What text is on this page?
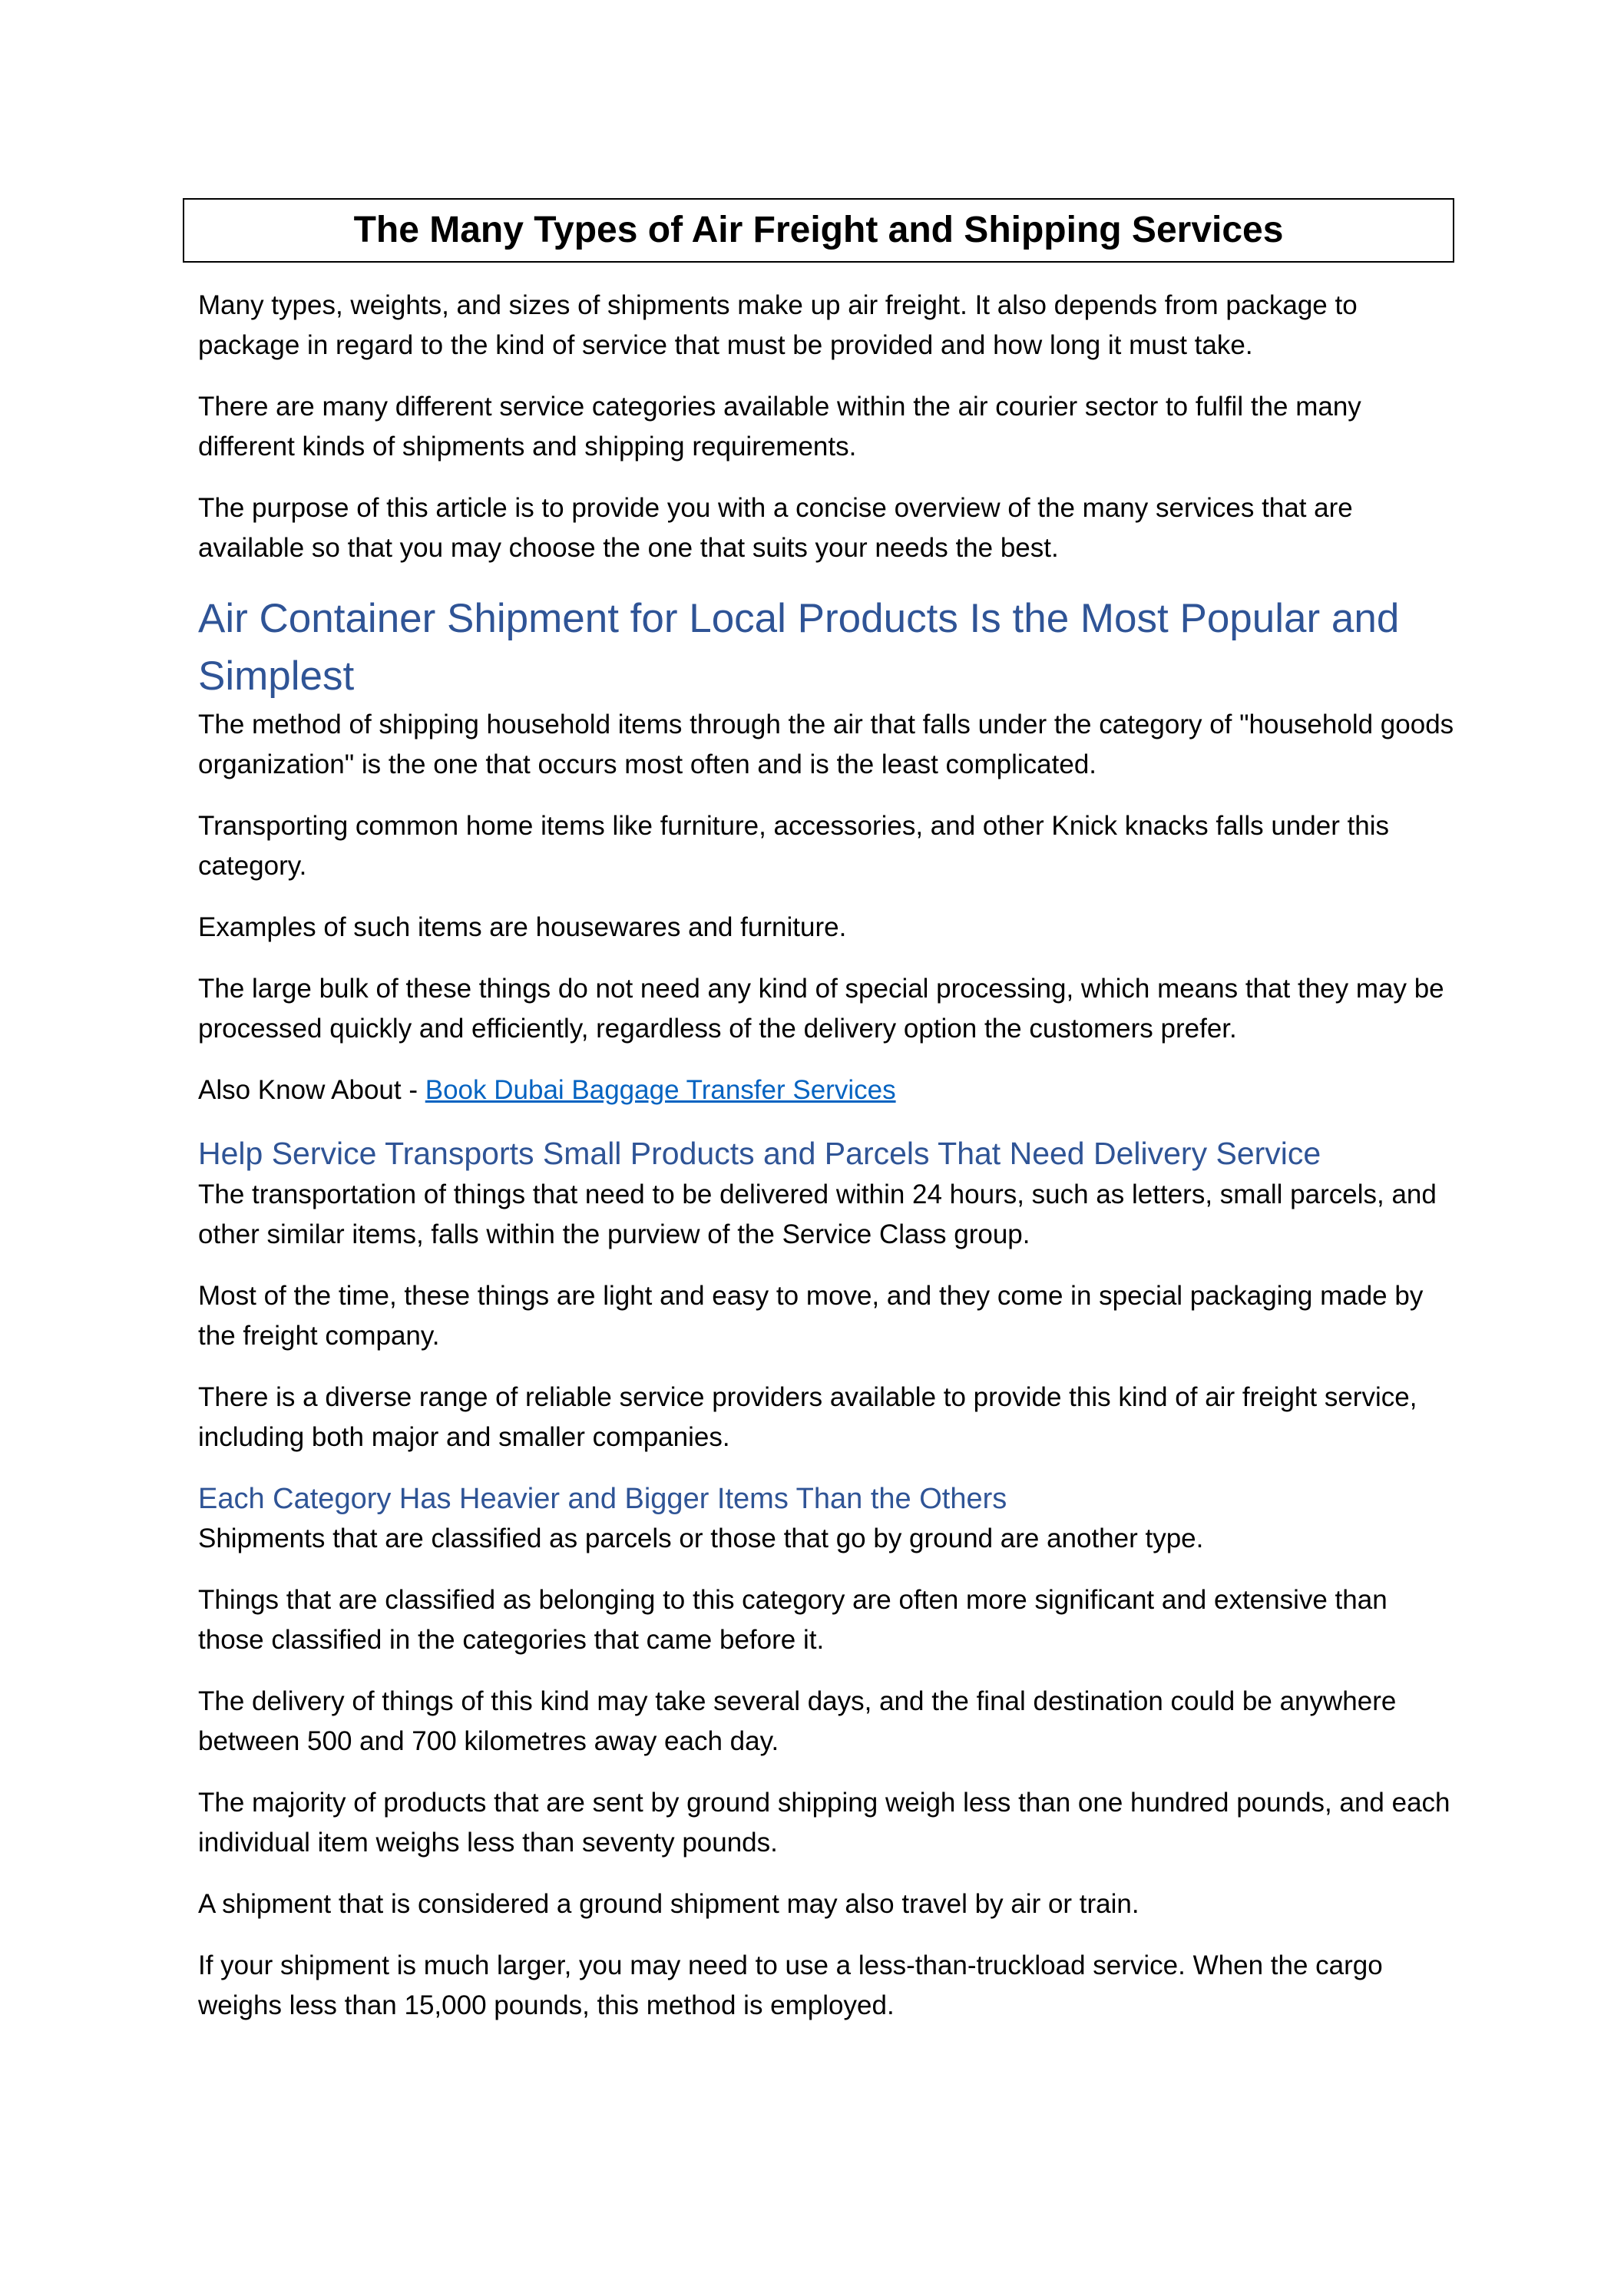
The Many Types of Air Freight and Shipping Services

Many types, weights, and sizes of shipments make up air freight. It also depends from package to package in regard to the kind of service that must be provided and how long it must take.

There are many different service categories available within the air courier sector to fulfil the many different kinds of shipments and shipping requirements.

The purpose of this article is to provide you with a concise overview of the many services that are available so that you may choose the one that suits your needs the best.

Air Container Shipment for Local Products Is the Most Popular and Simplest

The method of shipping household items through the air that falls under the category of "household goods organization" is the one that occurs most often and is the least complicated.

Transporting common home items like furniture, accessories, and other Knick knacks falls under this category.

Examples of such items are housewares and furniture.

The large bulk of these things do not need any kind of special processing, which means that they may be processed quickly and efficiently, regardless of the delivery option the customers prefer.

Also Know About - Book Dubai Baggage Transfer Services

Help Service Transports Small Products and Parcels That Need Delivery Service

The transportation of things that need to be delivered within 24 hours, such as letters, small parcels, and other similar items, falls within the purview of the Service Class group.

Most of the time, these things are light and easy to move, and they come in special packaging made by the freight company.

There is a diverse range of reliable service providers available to provide this kind of air freight service, including both major and smaller companies.

Each Category Has Heavier and Bigger Items Than the Others

Shipments that are classified as parcels or those that go by ground are another type.

Things that are classified as belonging to this category are often more significant and extensive than those classified in the categories that came before it.

The delivery of things of this kind may take several days, and the final destination could be anywhere between 500 and 700 kilometres away each day.

The majority of products that are sent by ground shipping weigh less than one hundred pounds, and each individual item weighs less than seventy pounds.

A shipment that is considered a ground shipment may also travel by air or train.

If your shipment is much larger, you may need to use a less-than-truckload service. When the cargo weighs less than 15,000 pounds, this method is employed.
